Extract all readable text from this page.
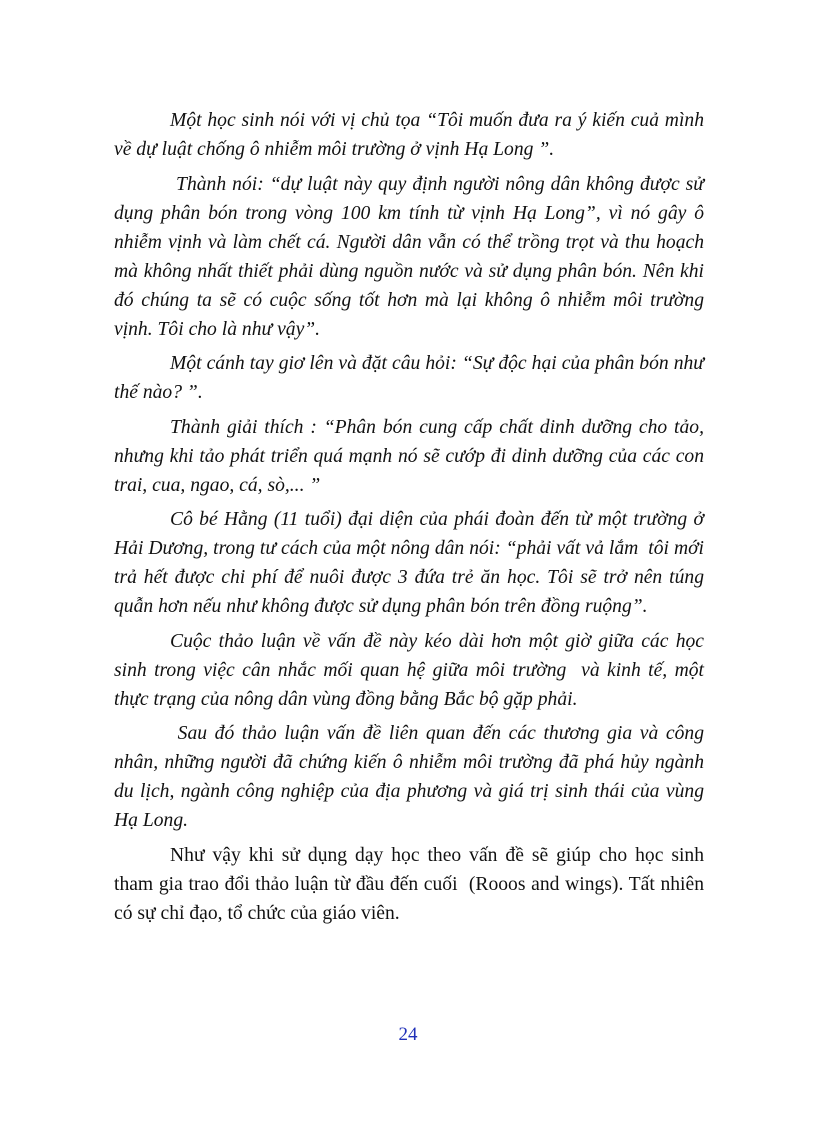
Một học sinh nói với vị chủ tọa “Tôi muốn đưa ra ý kiến cuả mình về dự luật chống ô nhiễm môi trường ở vịnh Hạ Long ”.

Thành nói: “dự luật này quy định người nông dân không được sử dụng phân bón trong vòng 100 km tính từ vịnh Hạ Long”, vì nó gây ô nhiễm vịnh và làm chết cá. Người dân vẫn có thể trồng trọt và thu hoạch mà không nhất thiết phải dùng nguồn nước và sử dụng phân bón. Nên khi đó chúng ta sẽ có cuộc sống tốt hơn mà lại không ô nhiễm môi trường vịnh. Tôi cho là như vậy”.

Một cánh tay giơ lên và đặt câu hỏi: “Sự độc hại của phân bón như thế nào? ”.

Thành giải thích : “Phân bón cung cấp chất dinh dưỡng cho tảo, nhưng khi tảo phát triển quá mạnh nó sẽ cướp đi dinh dưỡng của các con trai, cua, ngao, cá, sò,... ”

Cô bé Hằng (11 tuổi) đại diện của phái đoàn đến từ một trường ở Hải Dương, trong tư cách của một nông dân nói: “phải vất vả lắm  tôi mới trả hết được chi phí để nuôi được 3 đứa trẻ ăn học. Tôi sẽ trở nên túng quẫn hơn nếu như không được sử dụng phân bón trên đồng ruộng”.

Cuộc thảo luận về vấn đề này kéo dài hơn một giờ giữa các học sinh trong việc cân nhắc mối quan hệ giữa môi trường  và kinh tế, một thực trạng của nông dân vùng đồng bằng Bắc bộ gặp phải.

Sau đó thảo luận vấn đề liên quan đến các thương gia và công nhân, những người đã chứng kiến ô nhiễm môi trường đã phá hủy ngành du lịch, ngành công nghiệp của địa phương và giá trị sinh thái của vùng Hạ Long.

Như vậy khi sử dụng dạy học theo vấn đề sẽ giúp cho học sinh tham gia trao đổi thảo luận từ đầu đến cuối  (Rooos and wings). Tất nhiên có sự chỉ đạo, tổ chức của giáo viên.

24
